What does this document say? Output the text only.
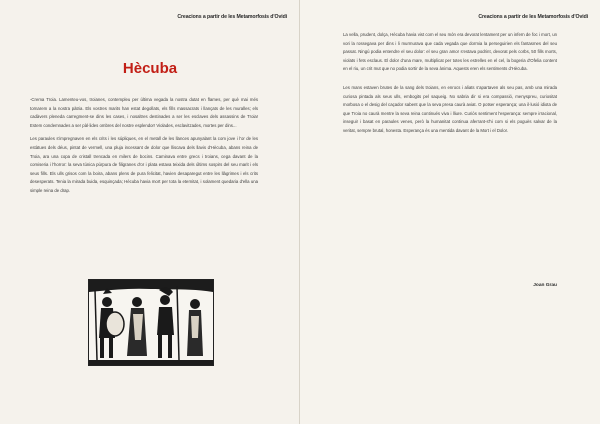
Creacions a partir de les Metamorfosis d'Ovidi
Hècuba

-Crema Troia. Lamenteu-vos, troianes, contempleu per última vegada la nostra dutat en flames, per què mai més tornarem a la nostra pàtria. Els vostres marits han estat degollats, els fills massacrats i llançats de les muralles; els cadàvers pleneda carregment-se dins les cases, i nosaltres destinades a ser les esclaves dels assassins de Troia! Estem condemnades a ser pàl·lides ombres del nostre esplendor! Violades, esclavitzades, mortes per dins...

Les paraules s'impregnaven en els crits i les súpliques, en el metall de les llances apunyalant la com jove i l'or de les estàtues dels déus, pintat de vermell, una pluja incessant de dolor que lliscava dels llavis d'Hècuba, abans reina de Troia, ara una copa de cristall trencada en milers de bocins. Caminava entre grecs i troians, cega davant de la comiseria i l'horror: la seva túnica púrpura de filigranes d'or i plata estava teixida dels últims sospirs del seu marit i els seus fills. Els ulls grisos com la boira, abans plens de pura felicitat, havien desaparegut entre les llàgrimes i els crits desesperats. Tenia la mirada buida, esquinçada; Hècuba havia mort per tota la eternitat, i solament quedaria d'ella una simple reina de drap.

Creacions a partir de les Metamorfosis d'Ovidi

La vella, prudent, dolça, Hècuba havia vist com el seu món era devorat lentament per un infern de foc i mort, un vori la rossegava per dins i li murmurava que cada vegada que dormia la perseguirien els fantasmes del seu passat. Ningú podia entendre el seu dolor: el seu gran amor s'estava podrint, devorat pels corbs, 50 fills morts, violats i fets esclaus. El dolor d'una mare, multiplicat per totes les estrelles en el cel, la bogeria d'Ofelia content en el riu, un crit mut que no podia sortir de la seva ànima. Aquests eren els sentiments d'Hècuba.

Les mans estaven brutes de la sang dels troians, en enrocs i aliats s'apartaven als seu pas, amb una mirada curiosa pintada als seus ulls, embogits pel saqueig. No sabria dir si era compassió, menyspreu, curiositat morbosa o el desig del caçador sabent que la seva presa caurà aviat. O potser esperança; una il·lusió idiota de que Troia no caurà mentre la seva reina continués viva i lliure. Curiós sentiment l'esperança: sempre irracional, inseguir i basat en paraules venes, però la humanitat continua aferrant-s'hi com si els poguès salvar de la veritat, sempre brutal, honesta. Esperança és una mentida davant de la Mort i el Dolor.

Joan Grau
